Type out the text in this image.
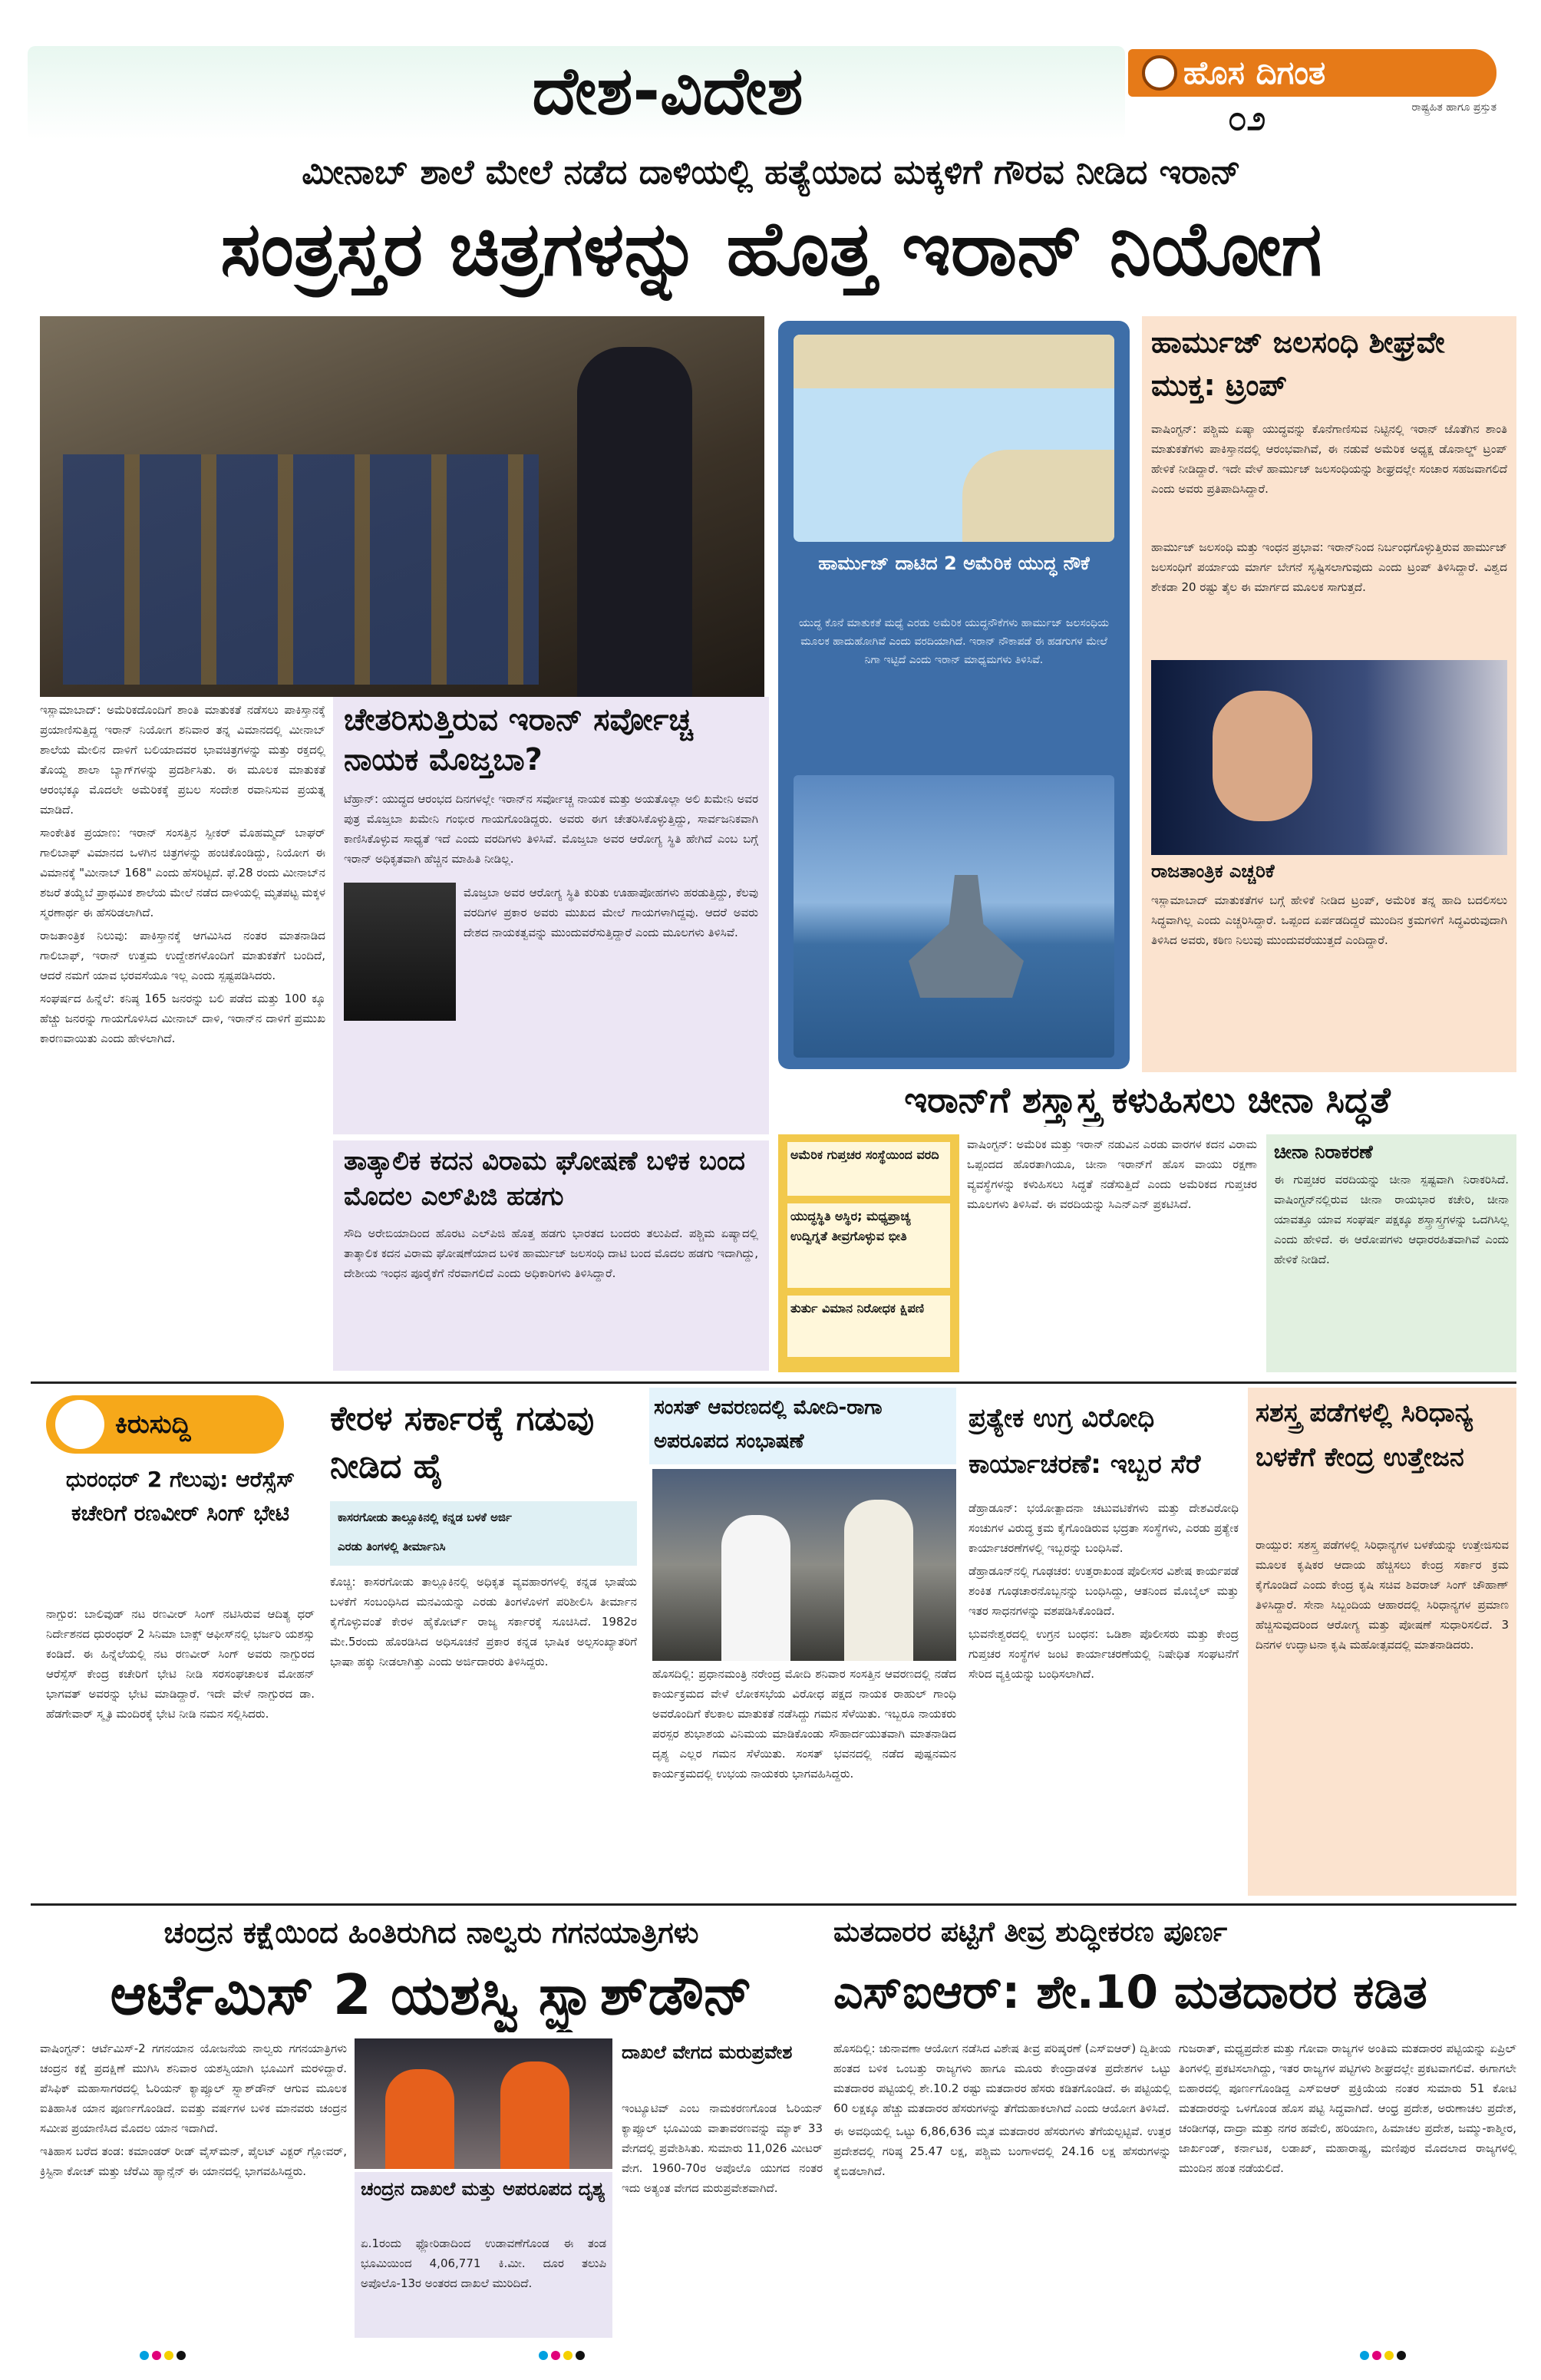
ದೇಶ-ವಿದೇಶ	ಹೊಸ ದಿಗಂತ
ರಾಷ್ಟ್ರಹಿತ ಹಾಗೂ ಪ್ರಸ್ತುತ
೦೨
ಮೀನಾಬ್ ಶಾಲೆ ಮೇಲೆ ನಡೆದ ದಾಳಿಯಲ್ಲಿ ಹತ್ಯೆಯಾದ ಮಕ್ಕಳಿಗೆ ಗೌರವ ನೀಡಿದ ಇರಾನ್
ಸಂತ್ರಸ್ತರ ಚಿತ್ರಗಳನ್ನು ಹೊತ್ತ ಇರಾನ್ ನಿಯೋಗ

ಇಸ್ಲಾಮಾಬಾದ್: ಅಮೆರಿಕದೊಂದಿಗೆ ಶಾಂತಿ ಮಾತುಕತೆ ನಡೆಸಲು ಪಾಕಿಸ್ತಾನಕ್ಕೆ ಪ್ರಯಾಣಿಸುತ್ತಿದ್ದ ಇರಾನ್ ನಿಯೋಗ ಶನಿವಾರ ತನ್ನ ವಿಮಾನದಲ್ಲಿ ಮೀನಾಬ್ ಶಾಲೆಯ ಮೇಲಿನ ದಾಳಿಗೆ ಬಲಿಯಾದವರ ಭಾವಚಿತ್ರಗಳನ್ನು ಮತ್ತು ರಕ್ತದಲ್ಲಿ ತೊಯ್ದ ಶಾಲಾ ಬ್ಯಾಗ್‌ಗಳನ್ನು ಪ್ರದರ್ಶಿಸಿತು. ಈ ಮೂಲಕ ಮಾತುಕತೆ ಆರಂಭಕ್ಕೂ ಮೊದಲೇ ಅಮೆರಿಕಕ್ಕೆ ಪ್ರಬಲ ಸಂದೇಶ ರವಾನಿಸುವ ಪ್ರಯತ್ನ ಮಾಡಿದೆ.

ಸಾಂಕೇತಿಕ ಪ್ರಯಾಣ: ಇರಾನ್ ಸಂಸತ್ತಿನ ಸ್ಪೀಕರ್ ಮೊಹಮ್ಮದ್ ಬಾಘರ್ ಗಾಲಿಬಾಫ್ ವಿಮಾನದ ಒಳಗಿನ ಚಿತ್ರಗಳನ್ನು ಹಂಚಿಕೊಂಡಿದ್ದು, ನಿಯೋಗ ಈ ವಿಮಾನಕ್ಕೆ "ಮೀನಾಬ್ 168" ಎಂದು ಹೆಸರಿಟ್ಟಿದೆ. ಫೆ.28 ರಂದು ಮೀನಾಬ್‌ನ ಶಜರೆ ತಯ್ಯೆಬೆ ಪ್ರಾಥಮಿಕ ಶಾಲೆಯ ಮೇಲೆ ನಡೆದ ದಾಳಿಯಲ್ಲಿ ಮೃತಪಟ್ಟ ಮಕ್ಕಳ ಸ್ಮರಣಾರ್ಥ ಈ ಹೆಸರಿಡಲಾಗಿದೆ.

ರಾಜತಾಂತ್ರಿಕ ನಿಲುವು: ಪಾಕಿಸ್ತಾನಕ್ಕೆ ಆಗಮಿಸಿದ ನಂತರ ಮಾತನಾಡಿದ ಗಾಲಿಬಾಫ್, ಇರಾನ್ ಉತ್ತಮ ಉದ್ದೇಶಗಳೊಂದಿಗೆ ಮಾತುಕತೆಗೆ ಬಂದಿದೆ, ಆದರೆ ನಮಗೆ ಯಾವ ಭರವಸೆಯೂ ಇಲ್ಲ ಎಂದು ಸ್ಪಷ್ಟಪಡಿಸಿದರು.

ಸಂಘರ್ಷದ ಹಿನ್ನೆಲೆ: ಕನಿಷ್ಠ 165 ಜನರನ್ನು ಬಲಿ ಪಡೆದ ಮತ್ತು 100 ಕ್ಕೂ ಹೆಚ್ಚು ಜನರನ್ನು ಗಾಯಗೊಳಿಸಿದ ಮೀನಾಬ್ ದಾಳಿ, ಇರಾನ್‌ನ ದಾಳಿಗೆ ಪ್ರಮುಖ ಕಾರಣವಾಯಿತು ಎಂದು ಹೇಳಲಾಗಿದೆ.

ಚೇತರಿಸುತ್ತಿರುವ ಇರಾನ್ ಸರ್ವೋಚ್ಚ ನಾಯಕ ಮೊಜ್ತಬಾ?
ಟೆಹ್ರಾನ್: ಯುದ್ಧದ ಆರಂಭದ ದಿನಗಳಲ್ಲೇ ಇರಾನ್‌ನ ಸರ್ವೋಚ್ಚ ನಾಯಕ ಮತ್ತು ಅಯತೊಲ್ಲಾ ಅಲಿ ಖಮೇನಿ ಅವರ ಪುತ್ರ ಮೊಜ್ತಬಾ ಖಮೇನಿ ಗಂಭೀರ ಗಾಯಗೊಂಡಿದ್ದರು. ಅವರು ಈಗ ಚೇತರಿಸಿಕೊಳ್ಳುತ್ತಿದ್ದು, ಸಾರ್ವಜನಿಕವಾಗಿ ಕಾಣಿಸಿಕೊಳ್ಳುವ ಸಾಧ್ಯತೆ ಇದೆ ಎಂದು ವರದಿಗಳು ತಿಳಿಸಿವೆ. ಮೊಜ್ತಬಾ ಅವರ ಆರೋಗ್ಯ ಸ್ಥಿತಿ ಹೇಗಿದೆ ಎಂಬ ಬಗ್ಗೆ ಇರಾನ್ ಅಧಿಕೃತವಾಗಿ ಹೆಚ್ಚಿನ ಮಾಹಿತಿ ನೀಡಿಲ್ಲ.
ಮೊಜ್ತಬಾ ಅವರ ಆರೋಗ್ಯ ಸ್ಥಿತಿ ಕುರಿತು ಊಹಾಪೋಹಗಳು ಹರಡುತ್ತಿದ್ದು, ಕೆಲವು ವರದಿಗಳ ಪ್ರಕಾರ ಅವರು ಮುಖದ ಮೇಲೆ ಗಾಯಗಳಾಗಿದ್ದವು. ಆದರೆ ಅವರು ದೇಶದ ನಾಯಕತ್ವವನ್ನು ಮುಂದುವರೆಸುತ್ತಿದ್ದಾರೆ ಎಂದು ಮೂಲಗಳು ತಿಳಿಸಿವೆ.
ತಾತ್ಕಾಲಿಕ ಕದನ ವಿರಾಮ ಘೋಷಣೆ ಬಳಿಕ ಬಂದ ಮೊದಲ ಎಲ್‌ಪಿಜಿ ಹಡಗು
ಸೌದಿ ಅರೇಬಿಯಾದಿಂದ ಹೊರಟ ಎಲ್‌ಪಿಜಿ ಹೊತ್ತ ಹಡಗು ಭಾರತದ ಬಂದರು ತಲುಪಿದೆ. ಪಶ್ಚಿಮ ಏಷ್ಯಾದಲ್ಲಿ ತಾತ್ಕಾಲಿಕ ಕದನ ವಿರಾಮ ಘೋಷಣೆಯಾದ ಬಳಿಕ ಹಾರ್ಮುಜ್ ಜಲಸಂಧಿ ದಾಟಿ ಬಂದ ಮೊದಲ ಹಡಗು ಇದಾಗಿದ್ದು, ದೇಶೀಯ ಇಂಧನ ಪೂರೈಕೆಗೆ ನೆರವಾಗಲಿದೆ ಎಂದು ಅಧಿಕಾರಿಗಳು ತಿಳಿಸಿದ್ದಾರೆ.
ಹಾರ್ಮುಜ್ ದಾಟಿದ 2 ಅಮೆರಿಕ ಯುದ್ಧ ನೌಕೆ
ಯುದ್ಧ ಕೊನೆ ಮಾತುಕತೆ ಮಧ್ಯೆ ಎರಡು ಅಮೆರಿಕ ಯುದ್ಧನೌಕೆಗಳು ಹಾರ್ಮುಜ್ ಜಲಸಂಧಿಯ ಮೂಲಕ ಹಾದುಹೋಗಿವೆ ಎಂದು ವರದಿಯಾಗಿದೆ. ಇರಾನ್ ನೌಕಾಪಡೆ ಈ ಹಡಗುಗಳ ಮೇಲೆ ನಿಗಾ ಇಟ್ಟಿದೆ ಎಂದು ಇರಾನ್ ಮಾಧ್ಯಮಗಳು ತಿಳಿಸಿವೆ.
ಹಾರ್ಮುಜ್ ಜಲಸಂಧಿ ಶೀಘ್ರವೇ ಮುಕ್ತ: ಟ್ರಂಪ್
ವಾಷಿಂಗ್ಟನ್: ಪಶ್ಚಿಮ ಏಷ್ಯಾ ಯುದ್ಧವನ್ನು ಕೊನೆಗಾಣಿಸುವ ನಿಟ್ಟಿನಲ್ಲಿ ಇರಾನ್ ಜೊತೆಗಿನ ಶಾಂತಿ ಮಾತುಕತೆಗಳು ಪಾಕಿಸ್ತಾನದಲ್ಲಿ ಆರಂಭವಾಗಿವೆ, ಈ ನಡುವೆ ಅಮೆರಿಕ ಅಧ್ಯಕ್ಷ ಡೊನಾಲ್ಡ್ ಟ್ರಂಪ್ ಹೇಳಿಕೆ ನೀಡಿದ್ದಾರೆ. ಇದೇ ವೇಳೆ ಹಾರ್ಮುಜ್ ಜಲಸಂಧಿಯನ್ನು ಶೀಘ್ರದಲ್ಲೇ ಸಂಚಾರ ಸಹಜವಾಗಲಿದೆ ಎಂದು ಅವರು ಪ್ರತಿಪಾದಿಸಿದ್ದಾರೆ.
ಹಾರ್ಮುಜ್ ಜಲಸಂಧಿ ಮತ್ತು ಇಂಧನ ಪ್ರಭಾವ: ಇರಾನ್‌ನಿಂದ ನಿರ್ಬಂಧಗೊಳ್ಳುತ್ತಿರುವ ಹಾರ್ಮುಜ್ ಜಲಸಂಧಿಗೆ ಪರ್ಯಾಯ ಮಾರ್ಗ ಬೇಗನೆ ಸೃಷ್ಟಿಸಲಾಗುವುದು ಎಂದು ಟ್ರಂಪ್ ತಿಳಿಸಿದ್ದಾರೆ. ವಿಶ್ವದ ಶೇಕಡಾ 20 ರಷ್ಟು ತೈಲ ಈ ಮಾರ್ಗದ ಮೂಲಕ ಸಾಗುತ್ತದೆ.
ರಾಜತಾಂತ್ರಿಕ ಎಚ್ಚರಿಕೆ
ಇಸ್ಲಾಮಾಬಾದ್ ಮಾತುಕತೆಗಳ ಬಗ್ಗೆ ಹೇಳಿಕೆ ನೀಡಿದ ಟ್ರಂಪ್, ಅಮೆರಿಕ ತನ್ನ ಹಾದಿ ಬದಲಿಸಲು ಸಿದ್ಧವಾಗಿಲ್ಲ ಎಂದು ಎಚ್ಚರಿಸಿದ್ದಾರೆ. ಒಪ್ಪಂದ ಏರ್ಪಡದಿದ್ದರೆ ಮುಂದಿನ ಕ್ರಮಗಳಿಗೆ ಸಿದ್ಧವಿರುವುದಾಗಿ ತಿಳಿಸಿದ ಅವರು, ಕಠಿಣ ನಿಲುವು ಮುಂದುವರೆಯುತ್ತದೆ ಎಂದಿದ್ದಾರೆ.
ಇರಾನ್‌ಗೆ ಶಸ್ತ್ರಾಸ್ತ್ರ ಕಳುಹಿಸಲು ಚೀನಾ ಸಿದ್ಧತೆ
ಅಮೆರಿಕ ಗುಪ್ತಚರ ಸಂಸ್ಥೆಯಿಂದ ವರದಿ
ಯುದ್ಧಸ್ಥಿತಿ ಅಸ್ಥಿರ; ಮಧ್ಯಪ್ರಾಚ್ಯ ಉದ್ವಿಗ್ನತೆ ತೀವ್ರಗೊಳ್ಳುವ ಭೀತಿ
ತುರ್ತು ವಿಮಾನ ನಿರೋಧಕ ಕ್ಷಿಪಣಿ
ವಾಷಿಂಗ್ಟನ್: ಅಮೆರಿಕ ಮತ್ತು ಇರಾನ್ ನಡುವಿನ ಎರಡು ವಾರಗಳ ಕದನ ವಿರಾಮ ಒಪ್ಪಂದದ ಹೊರತಾಗಿಯೂ, ಚೀನಾ ಇರಾನ್‌ಗೆ ಹೊಸ ವಾಯು ರಕ್ಷಣಾ ವ್ಯವಸ್ಥೆಗಳನ್ನು ಕಳುಹಿಸಲು ಸಿದ್ಧತೆ ನಡೆಸುತ್ತಿದೆ ಎಂದು ಅಮೆರಿಕದ ಗುಪ್ತಚರ ಮೂಲಗಳು ತಿಳಿಸಿವೆ. ಈ ವರದಿಯನ್ನು ಸಿಎನ್‌ಎನ್ ಪ್ರಕಟಿಸಿದೆ.
ಚೀನಾ ನಿರಾಕರಣೆ
ಈ ಗುಪ್ತಚರ ವರದಿಯನ್ನು ಚೀನಾ ಸ್ಪಷ್ಟವಾಗಿ ನಿರಾಕರಿಸಿದೆ. ವಾಷಿಂಗ್ಟನ್‌ನಲ್ಲಿರುವ ಚೀನಾ ರಾಯಭಾರ ಕಚೇರಿ, ಚೀನಾ ಯಾವತ್ತೂ ಯಾವ ಸಂಘರ್ಷ ಪಕ್ಷಕ್ಕೂ ಶಸ್ತ್ರಾಸ್ತ್ರಗಳನ್ನು ಒದಗಿಸಿಲ್ಲ ಎಂದು ಹೇಳಿದೆ. ಈ ಆರೋಪಗಳು ಆಧಾರರಹಿತವಾಗಿವೆ ಎಂದು ಹೇಳಿಕೆ ನೀಡಿದೆ.
ಕಿರುಸುದ್ದಿ
ಧುರಂಧರ್ 2 ಗೆಲುವು: ಆರೆಸ್ಸೆಸ್ ಕಚೇರಿಗೆ ರಣವೀರ್ ಸಿಂಗ್ ಭೇಟಿ
ನಾಗ್ಪುರ: ಬಾಲಿವುಡ್ ನಟ ರಣವೀರ್ ಸಿಂಗ್ ನಟಿಸಿರುವ ಆದಿತ್ಯ ಧರ್ ನಿರ್ದೇಶನದ ಧುರಂಧರ್ 2 ಸಿನಿಮಾ ಬಾಕ್ಸ್ ಆಫೀಸ್‌ನಲ್ಲಿ ಭರ್ಜರಿ ಯಶಸ್ಸು ಕಂಡಿದೆ. ಈ ಹಿನ್ನೆಲೆಯಲ್ಲಿ ನಟ ರಣವೀರ್ ಸಿಂಗ್ ಅವರು ನಾಗ್ಪುರದ ಆರೆಸ್ಸೆಸ್ ಕೇಂದ್ರ ಕಚೇರಿಗೆ ಭೇಟಿ ನೀಡಿ ಸರಸಂಘಚಾಲಕ ಮೋಹನ್ ಭಾಗವತ್ ಅವರನ್ನು ಭೇಟಿ ಮಾಡಿದ್ದಾರೆ. ಇದೇ ವೇಳೆ ನಾಗ್ಪುರದ ಡಾ. ಹೆಡಗೇವಾರ್ ಸ್ಮೃತಿ ಮಂದಿರಕ್ಕೆ ಭೇಟಿ ನೀಡಿ ನಮನ ಸಲ್ಲಿಸಿದರು.
ಕೇರಳ ಸರ್ಕಾರಕ್ಕೆ ಗಡುವು ನೀಡಿದ ಹೈ
ಕಾಸರಗೋಡು ತಾಲ್ಲೂಕಿನಲ್ಲಿ ಕನ್ನಡ ಬಳಕೆ ಅರ್ಜಿ
ಎರಡು ತಿಂಗಳಲ್ಲಿ ತೀರ್ಮಾನಿಸಿ
ಕೊಚ್ಚಿ: ಕಾಸರಗೋಡು ತಾಲ್ಲೂಕಿನಲ್ಲಿ ಅಧಿಕೃತ ವ್ಯವಹಾರಗಳಲ್ಲಿ ಕನ್ನಡ ಭಾಷೆಯ ಬಳಕೆಗೆ ಸಂಬಂಧಿಸಿದ ಮನವಿಯನ್ನು ಎರಡು ತಿಂಗಳೊಳಗೆ ಪರಿಶೀಲಿಸಿ ತೀರ್ಮಾನ ಕೈಗೊಳ್ಳುವಂತೆ ಕೇರಳ ಹೈಕೋರ್ಟ್ ರಾಜ್ಯ ಸರ್ಕಾರಕ್ಕೆ ಸೂಚಿಸಿದೆ. 1982ರ ಮೇ.5ರಂದು ಹೊರಡಿಸಿದ ಅಧಿಸೂಚನೆ ಪ್ರಕಾರ ಕನ್ನಡ ಭಾಷಿಕ ಅಲ್ಪಸಂಖ್ಯಾತರಿಗೆ ಭಾಷಾ ಹಕ್ಕು ನೀಡಲಾಗಿತ್ತು ಎಂದು ಅರ್ಜಿದಾರರು ತಿಳಿಸಿದ್ದರು.
ಸಂಸತ್ ಆವರಣದಲ್ಲಿ ಮೋದಿ-ರಾಗಾ ಅಪರೂಪದ ಸಂಭಾಷಣೆ
ಹೊಸದಿಲ್ಲಿ: ಪ್ರಧಾನಮಂತ್ರಿ ನರೇಂದ್ರ ಮೋದಿ ಶನಿವಾರ ಸಂಸತ್ತಿನ ಆವರಣದಲ್ಲಿ ನಡೆದ ಕಾರ್ಯಕ್ರಮದ ವೇಳೆ ಲೋಕಸಭೆಯ ವಿರೋಧ ಪಕ್ಷದ ನಾಯಕ ರಾಹುಲ್ ಗಾಂಧಿ ಅವರೊಂದಿಗೆ ಕೆಲಕಾಲ ಮಾತುಕತೆ ನಡೆಸಿದ್ದು ಗಮನ ಸೆಳೆಯಿತು. ಇಬ್ಬರೂ ನಾಯಕರು ಪರಸ್ಪರ ಶುಭಾಶಯ ವಿನಿಮಯ ಮಾಡಿಕೊಂಡು ಸೌಹಾರ್ದಯುತವಾಗಿ ಮಾತನಾಡಿದ ದೃಶ್ಯ ಎಲ್ಲರ ಗಮನ ಸೆಳೆಯಿತು. ಸಂಸತ್ ಭವನದಲ್ಲಿ ನಡೆದ ಪುಷ್ಪನಮನ ಕಾರ್ಯಕ್ರಮದಲ್ಲಿ ಉಭಯ ನಾಯಕರು ಭಾಗವಹಿಸಿದ್ದರು.
ಪ್ರತ್ಯೇಕ ಉಗ್ರ ವಿರೋಧಿ ಕಾರ್ಯಾಚರಣೆ: ಇಬ್ಬರ ಸೆರೆ

ಡೆಹ್ರಾಡೂನ್: ಭಯೋತ್ಪಾದನಾ ಚಟುವಟಿಕೆಗಳು ಮತ್ತು ದೇಶವಿರೋಧಿ ಸಂಚುಗಳ ವಿರುದ್ಧ ಕ್ರಮ ಕೈಗೊಂಡಿರುವ ಭದ್ರತಾ ಸಂಸ್ಥೆಗಳು, ಎರಡು ಪ್ರತ್ಯೇಕ ಕಾರ್ಯಾಚರಣೆಗಳಲ್ಲಿ ಇಬ್ಬರನ್ನು ಬಂಧಿಸಿವೆ.

ಡೆಹ್ರಾಡೂನ್‌ನಲ್ಲಿ ಗೂಢಚರ: ಉತ್ತರಾಖಂಡ ಪೊಲೀಸರ ವಿಶೇಷ ಕಾರ್ಯಪಡೆ ಶಂಕಿತ ಗೂಢಚಾರನೊಬ್ಬನನ್ನು ಬಂಧಿಸಿದ್ದು, ಆತನಿಂದ ಮೊಬೈಲ್ ಮತ್ತು ಇತರ ಸಾಧನಗಳನ್ನು ವಶಪಡಿಸಿಕೊಂಡಿದೆ.

ಭುವನೇಶ್ವರದಲ್ಲಿ ಉಗ್ರನ ಬಂಧನ: ಒಡಿಶಾ ಪೊಲೀಸರು ಮತ್ತು ಕೇಂದ್ರ ಗುಪ್ತಚರ ಸಂಸ್ಥೆಗಳ ಜಂಟಿ ಕಾರ್ಯಾಚರಣೆಯಲ್ಲಿ ನಿಷೇಧಿತ ಸಂಘಟನೆಗೆ ಸೇರಿದ ವ್ಯಕ್ತಿಯನ್ನು ಬಂಧಿಸಲಾಗಿದೆ.

ಸಶಸ್ತ್ರ ಪಡೆಗಳಲ್ಲಿ ಸಿರಿಧಾನ್ಯ ಬಳಕೆಗೆ ಕೇಂದ್ರ ಉತ್ತೇಜನ
ರಾಯ್ಪುರ: ಸಶಸ್ತ್ರ ಪಡೆಗಳಲ್ಲಿ ಸಿರಿಧಾನ್ಯಗಳ ಬಳಕೆಯನ್ನು ಉತ್ತೇಜಿಸುವ ಮೂಲಕ ಕೃಷಿಕರ ಆದಾಯ ಹೆಚ್ಚಿಸಲು ಕೇಂದ್ರ ಸರ್ಕಾರ ಕ್ರಮ ಕೈಗೊಂಡಿದೆ ಎಂದು ಕೇಂದ್ರ ಕೃಷಿ ಸಚಿವ ಶಿವರಾಜ್ ಸಿಂಗ್ ಚೌಹಾಣ್ ತಿಳಿಸಿದ್ದಾರೆ. ಸೇನಾ ಸಿಬ್ಬಂದಿಯ ಆಹಾರದಲ್ಲಿ ಸಿರಿಧಾನ್ಯಗಳ ಪ್ರಮಾಣ ಹೆಚ್ಚಿಸುವುದರಿಂದ ಆರೋಗ್ಯ ಮತ್ತು ಪೋಷಣೆ ಸುಧಾರಿಸಲಿದೆ. 3 ದಿನಗಳ ಉದ್ಘಾಟನಾ ಕೃಷಿ ಮಹೋತ್ಸವದಲ್ಲಿ ಮಾತನಾಡಿದರು.
ಚಂದ್ರನ ಕಕ್ಷೆಯಿಂದ ಹಿಂತಿರುಗಿದ ನಾಲ್ವರು ಗಗನಯಾತ್ರಿಗಳು
ಆರ್ಟೆಮಿಸ್ 2 ಯಶಸ್ವಿ ಸ್ಪ್ಲಾಶ್‌ಡೌನ್

ವಾಷಿಂಗ್ಟನ್: ಆರ್ಟೆಮಿಸ್-2 ಗಗನಯಾನ ಯೋಜನೆಯ ನಾಲ್ವರು ಗಗನಯಾತ್ರಿಗಳು ಚಂದ್ರನ ಕಕ್ಷೆ ಪ್ರದಕ್ಷಿಣೆ ಮುಗಿಸಿ ಶನಿವಾರ ಯಶಸ್ವಿಯಾಗಿ ಭೂಮಿಗೆ ಮರಳಿದ್ದಾರೆ. ಪೆಸಿಫಿಕ್ ಮಹಾಸಾಗರದಲ್ಲಿ ಓರಿಯನ್ ಕ್ಯಾಪ್ಸೂಲ್ ಸ್ಪ್ಲಾಶ್‌ಡೌನ್ ಆಗುವ ಮೂಲಕ ಐತಿಹಾಸಿಕ ಯಾನ ಪೂರ್ಣಗೊಂಡಿದೆ. ಐವತ್ತು ವರ್ಷಗಳ ಬಳಿಕ ಮಾನವರು ಚಂದ್ರನ ಸಮೀಪ ಪ್ರಯಾಣಿಸಿದ ಮೊದಲ ಯಾನ ಇದಾಗಿದೆ.

ಇತಿಹಾಸ ಬರೆದ ತಂಡ: ಕಮಾಂಡರ್ ರೀಡ್ ವೈಸ್‌ಮನ್, ಪೈಲಟ್ ವಿಕ್ಟರ್ ಗ್ಲೋವರ್, ಕ್ರಿಸ್ಟಿನಾ ಕೋಚ್ ಮತ್ತು ಜೆರೆಮಿ ಹ್ಯಾನ್ಸೆನ್ ಈ ಯಾನದಲ್ಲಿ ಭಾಗವಹಿಸಿದ್ದರು.

ಚಂದ್ರನ ದಾಖಲೆ ಮತ್ತು ಅಪರೂಪದ ದೃಶ್ಯ
ಏ.1ರಂದು ಫ್ಲೋರಿಡಾದಿಂದ ಉಡಾವಣೆಗೊಂಡ ಈ ತಂಡ ಭೂಮಿಯಿಂದ 4,06,771 ಕಿ.ಮೀ. ದೂರ ತಲುಪಿ ಅಪೊಲೊ-13ರ ಅಂತರದ ದಾಖಲೆ ಮುರಿದಿದೆ.
ದಾಖಲೆ ವೇಗದ ಮರುಪ್ರವೇಶ
ಇಂಟ್ಯೂಟಿವ್ ಎಂಬ ನಾಮಕರಣಗೊಂಡ ಓರಿಯನ್ ಕ್ಯಾಪ್ಸೂಲ್ ಭೂಮಿಯ ವಾತಾವರಣವನ್ನು ಮ್ಯಾಕ್ 33 ವೇಗದಲ್ಲಿ ಪ್ರವೇಶಿಸಿತು. ಸುಮಾರು 11,026 ಮೀಟರ್ ವೇಗ. 1960-70ರ ಅಪೊಲೊ ಯುಗದ ನಂತರ ಇದು ಅತ್ಯಂತ ವೇಗದ ಮರುಪ್ರವೇಶವಾಗಿದೆ.
ಮತದಾರರ ಪಟ್ಟಿಗೆ ತೀವ್ರ ಶುದ್ಧೀಕರಣ ಪೂರ್ಣ
ಎಸ್‌ಐಆರ್: ಶೇ.10 ಮತದಾರರ ಕಡಿತ

ಹೊಸದಿಲ್ಲಿ: ಚುನಾವಣಾ ಆಯೋಗ ನಡೆಸಿದ ವಿಶೇಷ ತೀವ್ರ ಪರಿಷ್ಕರಣೆ (ಎಸ್‌ಐಆರ್) ದ್ವಿತೀಯ ಹಂತದ ಬಳಿಕ ಒಂಬತ್ತು ರಾಜ್ಯಗಳು ಹಾಗೂ ಮೂರು ಕೇಂದ್ರಾಡಳಿತ ಪ್ರದೇಶಗಳ ಒಟ್ಟು ಮತದಾರರ ಪಟ್ಟಿಯಲ್ಲಿ ಶೇ.10.2 ರಷ್ಟು ಮತದಾರರ ಹೆಸರು ಕಡಿತಗೊಂಡಿದೆ. ಈ ಪಟ್ಟಿಯಲ್ಲಿ 60 ಲಕ್ಷಕ್ಕೂ ಹೆಚ್ಚು ಮತದಾರರ ಹೆಸರುಗಳನ್ನು ತೆಗೆದುಹಾಕಲಾಗಿದೆ ಎಂದು ಆಯೋಗ ತಿಳಿಸಿದೆ.

ಈ ಅವಧಿಯಲ್ಲಿ ಒಟ್ಟು 6,86,636 ಮೃತ ಮತದಾರರ ಹೆಸರುಗಳು ತೆಗೆಯಲ್ಪಟ್ಟಿವೆ. ಉತ್ತರ ಪ್ರದೇಶದಲ್ಲಿ ಗರಿಷ್ಠ 25.47 ಲಕ್ಷ, ಪಶ್ಚಿಮ ಬಂಗಾಳದಲ್ಲಿ 24.16 ಲಕ್ಷ ಹೆಸರುಗಳನ್ನು ಕೈಬಿಡಲಾಗಿದೆ.

ಗುಜರಾತ್, ಮಧ್ಯಪ್ರದೇಶ ಮತ್ತು ಗೋವಾ ರಾಜ್ಯಗಳ ಅಂತಿಮ ಮತದಾರರ ಪಟ್ಟಿಯನ್ನು ಏಪ್ರಿಲ್ ತಿಂಗಳಲ್ಲಿ ಪ್ರಕಟಿಸಲಾಗಿದ್ದು, ಇತರ ರಾಜ್ಯಗಳ ಪಟ್ಟಿಗಳು ಶೀಘ್ರದಲ್ಲೇ ಪ್ರಕಟವಾಗಲಿವೆ. ಈಗಾಗಲೇ ಬಿಹಾರದಲ್ಲಿ ಪೂರ್ಣಗೊಂಡಿದ್ದ ಎಸ್‌ಐಆರ್ ಪ್ರಕ್ರಿಯೆಯ ನಂತರ ಸುಮಾರು 51 ಕೋಟಿ ಮತದಾರರನ್ನು ಒಳಗೊಂಡ ಹೊಸ ಪಟ್ಟಿ ಸಿದ್ಧವಾಗಿದೆ. ಆಂಧ್ರ ಪ್ರದೇಶ, ಅರುಣಾಚಲ ಪ್ರದೇಶ, ಚಂಡೀಗಢ, ದಾದ್ರಾ ಮತ್ತು ನಗರ ಹವೇಲಿ, ಹರಿಯಾಣ, ಹಿಮಾಚಲ ಪ್ರದೇಶ, ಜಮ್ಮು-ಕಾಶ್ಮೀರ, ಜಾರ್ಖಂಡ್, ಕರ್ನಾಟಕ, ಲಡಾಖ್, ಮಹಾರಾಷ್ಟ್ರ, ಮಣಿಪುರ ಮೊದಲಾದ ರಾಜ್ಯಗಳಲ್ಲಿ ಮುಂದಿನ ಹಂತ ನಡೆಯಲಿದೆ.
